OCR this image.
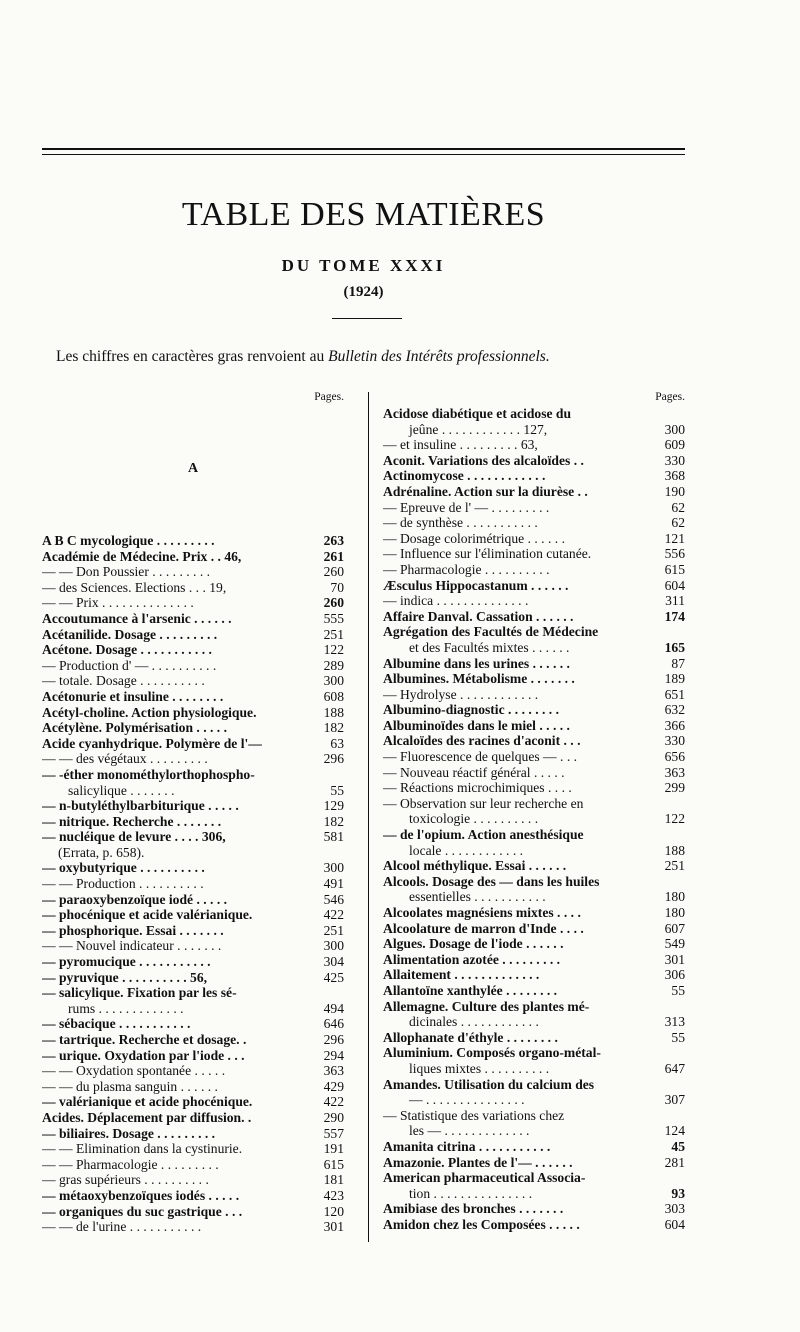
TABLE DES MATIÈRES
DU TOME XXXI
(1924)
Les chiffres en caractères gras renvoient au Bulletin des Intérêts professionnels.
Pages.
A
263
A B C mycologique . . . . . . . . .
261
Académie de Médecine. Prix . . 46,
260
— — Don Poussier . . . . . . . . .
70
— des Sciences. Elections . . . 19,
260
— — Prix . . . . . . . . . . . . . .
555
Accoutumance à l'arsenic . . . . . .
251
Acétanilide. Dosage . . . . . . . . .
122
Acétone. Dosage . . . . . . . . . . .
289
— Production d' — . . . . . . . . . .
300
— totale. Dosage . . . . . . . . . .
608
Acétonurie et insuline . . . . . . . .
188
Acétyl-choline. Action physiologique.
182
Acétylène. Polymérisation . . . . .
63
Acide cyanhydrique. Polymère de l'—
296
— — des végétaux . . . . . . . . .
— -éther monométhylorthophospho-
55
salicylique . . . . . . .
129
— n-butyléthylbarbiturique . . . . .
182
— nitrique. Recherche . . . . . . .
581
— nucléique de levure . . . . 306,
(Errata, p. 658).
300
— oxybutyrique . . . . . . . . . .
491
— — Production . . . . . . . . . .
546
— paraoxybenzoïque iodé . . . . .
422
— phocénique et acide valérianique.
251
— phosphorique. Essai . . . . . . .
300
— — Nouvel indicateur . . . . . . .
304
— pyromucique . . . . . . . . . . .
425
— pyruvique . . . . . . . . . . 56,
— salicylique. Fixation par les sé-
494
rums . . . . . . . . . . . . .
646
— sébacique . . . . . . . . . . .
296
— tartrique. Recherche et dosage. .
294
— urique. Oxydation par l'iode . . .
363
— — Oxydation spontanée . . . . .
429
— — du plasma sanguin . . . . . .
422
— valérianique et acide phocénique.
290
Acides. Déplacement par diffusion. .
557
— biliaires. Dosage . . . . . . . . .
191
— — Elimination dans la cystinurie.
615
— — Pharmacologie . . . . . . . . .
181
— gras supérieurs . . . . . . . . . .
423
— métaoxybenzoïques iodés . . . . .
120
— organiques du suc gastrique . . .
301
— — de l'urine . . . . . . . . . . .
Pages.
Acidose diabétique et acidose du
300
jeûne . . . . . . . . . . . . 127,
609
— et insuline . . . . . . . . . 63,
330
Aconit. Variations des alcaloïdes . .
368
Actinomycose . . . . . . . . . . . .
190
Adrénaline. Action sur la diurèse . .
62
— Epreuve de l' — . . . . . . . . .
62
— de synthèse . . . . . . . . . . .
121
— Dosage colorimétrique . . . . . .
556
— Influence sur l'élimination cutanée.
615
— Pharmacologie . . . . . . . . . .
604
Æsculus Hippocastanum . . . . . .
311
— indica . . . . . . . . . . . . . .
174
Affaire Danval. Cassation . . . . . .
Agrégation des Facultés de Médecine
165
et des Facultés mixtes . . . . . .
87
Albumine dans les urines . . . . . .
189
Albumines. Métabolisme . . . . . . .
651
— Hydrolyse . . . . . . . . . . . .
632
Albumino-diagnostic . . . . . . . .
366
Albuminoïdes dans le miel . . . . .
330
Alcaloïdes des racines d'aconit . . .
656
— Fluorescence de quelques — . . .
363
— Nouveau réactif général . . . . .
299
— Réactions microchimiques . . . .
— Observation sur leur recherche en
122
toxicologie . . . . . . . . . .
— de l'opium. Action anesthésique
188
locale . . . . . . . . . . . .
251
Alcool méthylique. Essai . . . . . .
Alcools. Dosage des — dans les huiles
180
essentielles . . . . . . . . . . .
180
Alcoolates magnésiens mixtes . . . .
607
Alcoolature de marron d'Inde . . . .
549
Algues. Dosage de l'iode . . . . . .
301
Alimentation azotée . . . . . . . . .
306
Allaitement . . . . . . . . . . . . .
55
Allantoïne xanthylée . . . . . . . .
Allemagne. Culture des plantes mé-
313
dicinales . . . . . . . . . . . .
55
Allophanate d'éthyle . . . . . . . .
Aluminium. Composés organo-métal-
647
liques mixtes . . . . . . . . . .
Amandes. Utilisation du calcium des
307
— . . . . . . . . . . . . . . .
— Statistique des variations chez
124
les — . . . . . . . . . . . . .
45
Amanita citrina . . . . . . . . . . .
281
Amazonie. Plantes de l'— . . . . . .
American pharmaceutical Associa-
93
tion . . . . . . . . . . . . . . .
303
Amibiase des bronches . . . . . . .
604
Amidon chez les Composées . . . . .
